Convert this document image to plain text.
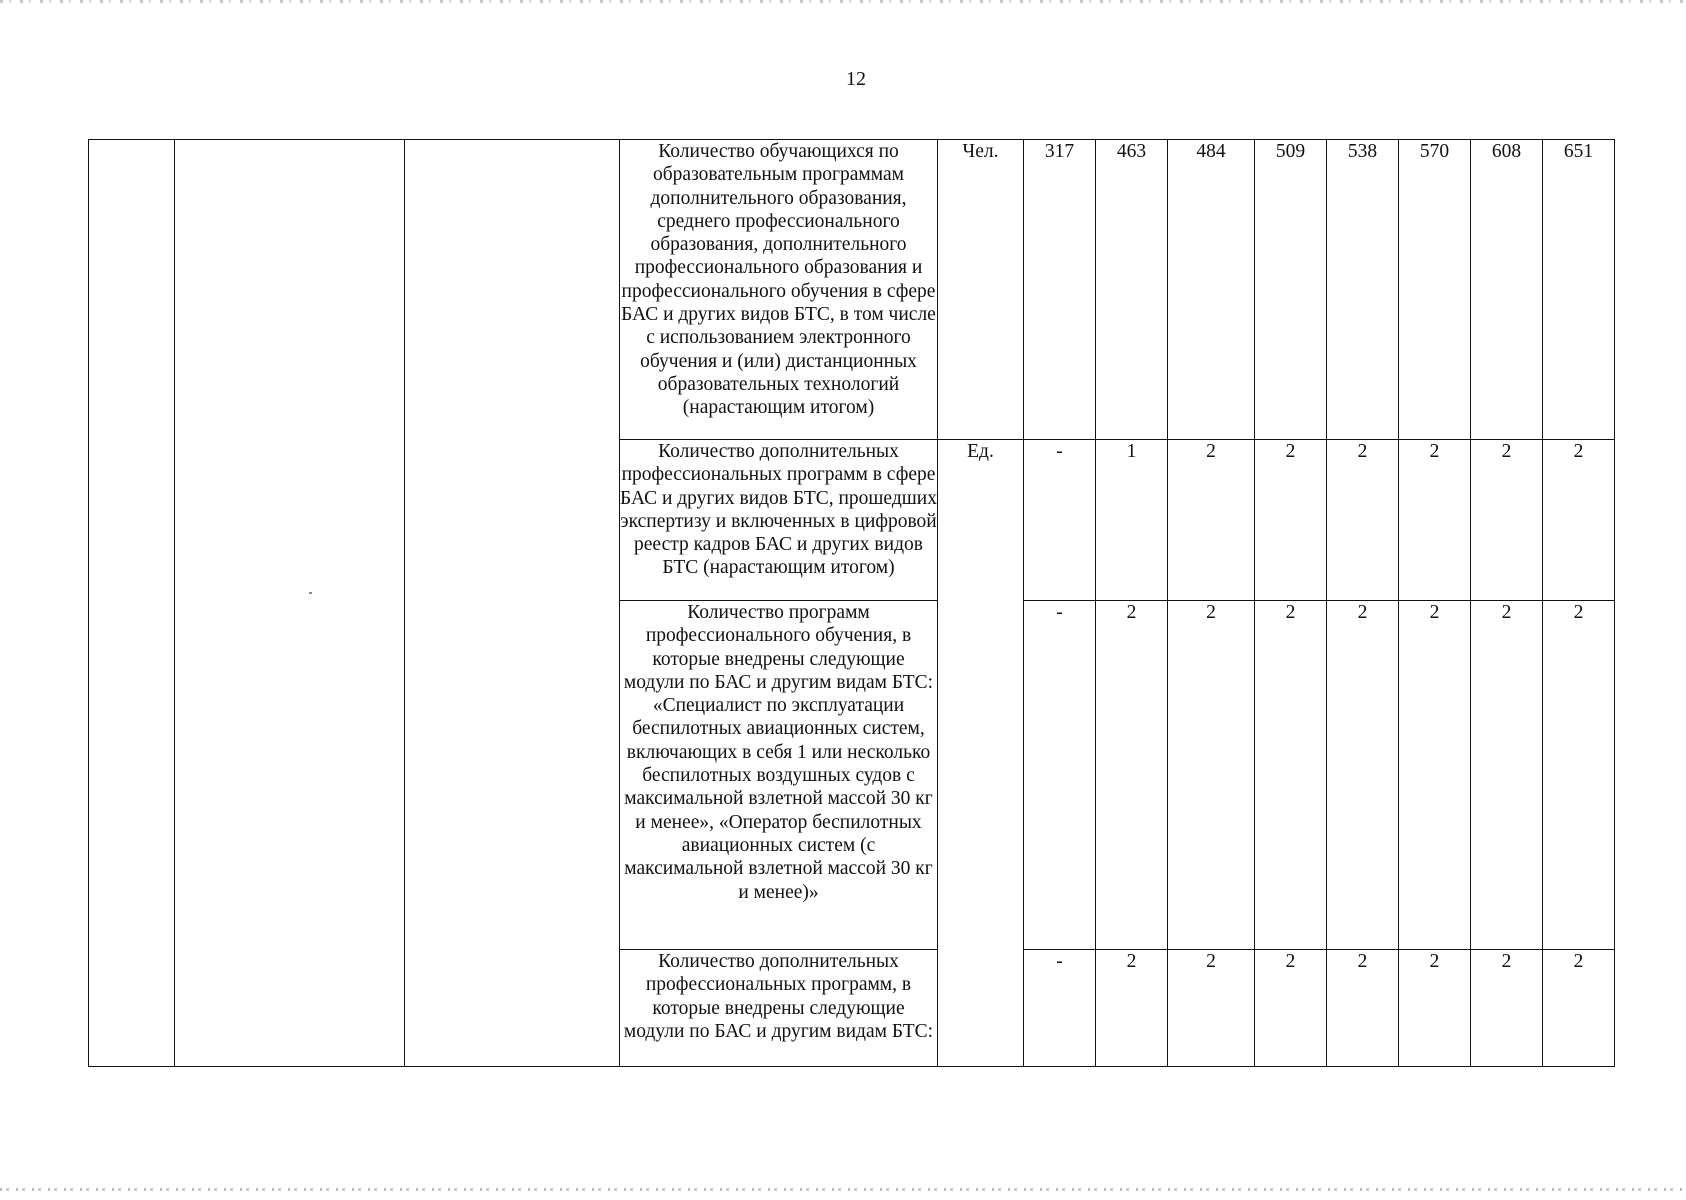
12
			Количество обучающихся по образовательным программам дополнительного образования, среднего профессионального образования, дополнительного профессионального образования и профессионального обучения в сфере БАС и других видов БТС, в том числе с использованием электронного обучения и (или) дистанционных образовательных технологий (нарастающим итогом)	Чел.	317	463	484	509	538	570	608	651
			Количество дополнительных профессиональных программ в сфере БАС и других видов БТС, прошедших экспертизу и включенных в цифровой реестр кадров БАС и других видов БТС (нарастающим итогом)	Ед.	-	1	2	2	2	2	2	2
			Количество программ профессионального обучения, в которые внедрены следующие модули по БАС и другим видам БТС: «Специалист по эксплуатации беспилотных авиационных систем, включающих в себя 1 или несколько беспилотных воздушных судов с максимальной взлетной массой 30 кг и менее», «Оператор беспилотных авиационных систем (с максимальной взлетной массой 30 кг и менее)»		-	2	2	2	2	2	2	2
			Количество дополнительных профессиональных программ, в которые внедрены следующие модули по БАС и другим видам БТС:		-	2	2	2	2	2	2	2
